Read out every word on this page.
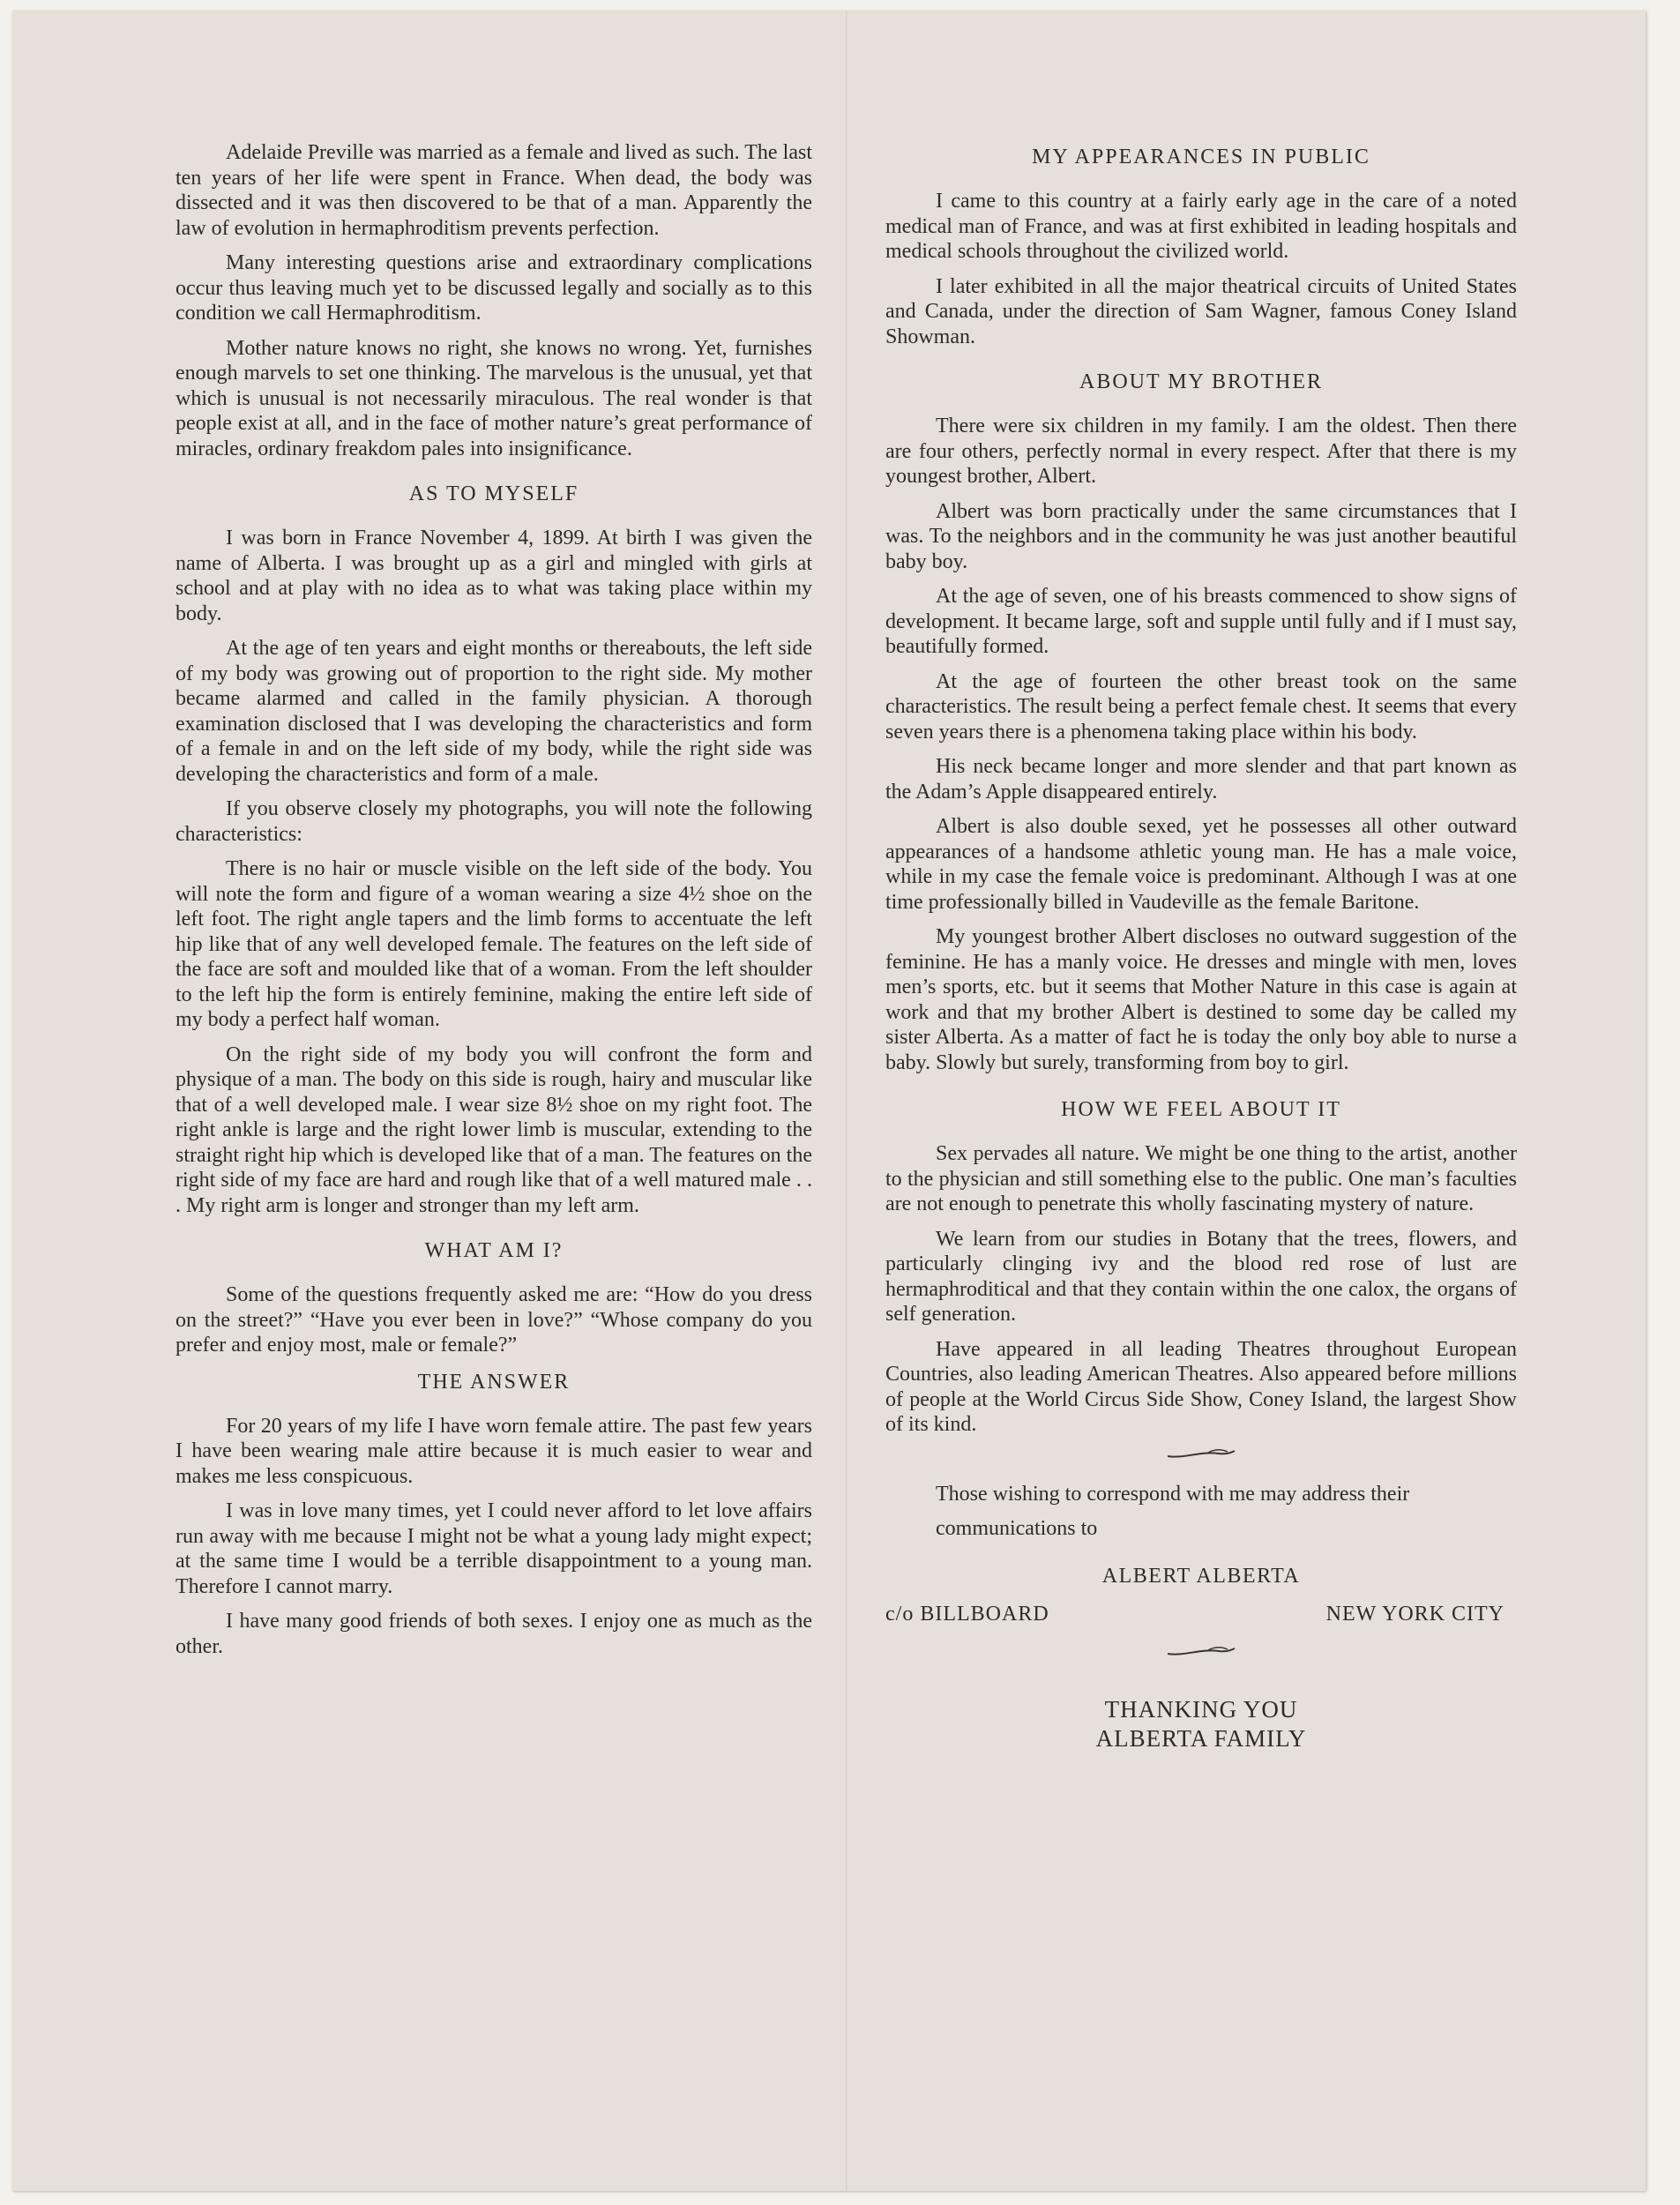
Adelaide Preville was married as a female and lived as such. The last ten years of her life were spent in France. When dead, the body was dissected and it was then discovered to be that of a man. Apparently the law of evolution in hermaphroditism prevents perfection.

Many interesting questions arise and extraordinary complications occur thus leaving much yet to be discussed legally and socially as to this condition we call Hermaphroditism.

Mother nature knows no right, she knows no wrong. Yet, furnishes enough marvels to set one thinking. The marvelous is the unusual, yet that which is unusual is not necessarily miraculous. The real wonder is that people exist at all, and in the face of mother nature’s great performance of miracles, ordinary freakdom pales into insignificance.

AS TO MYSELF

I was born in France November 4, 1899. At birth I was given the name of Alberta. I was brought up as a girl and mingled with girls at school and at play with no idea as to what was taking place within my body.

At the age of ten years and eight months or thereabouts, the left side of my body was growing out of proportion to the right side. My mother became alarmed and called in the family physician. A thorough examination disclosed that I was developing the characteristics and form of a female in and on the left side of my body, while the right side was developing the characteristics and form of a male.

If you observe closely my photographs, you will note the following characteristics:

There is no hair or muscle visible on the left side of the body. You will note the form and figure of a woman wearing a size 4½ shoe on the left foot. The right angle tapers and the limb forms to accentuate the left hip like that of any well developed female. The features on the left side of the face are soft and moulded like that of a woman. From the left shoulder to the left hip the form is entirely feminine, making the entire left side of my body a perfect half woman.

On the right side of my body you will confront the form and physique of a man. The body on this side is rough, hairy and muscular like that of a well developed male. I wear size 8½ shoe on my right foot. The right ankle is large and the right lower limb is muscular, extending to the straight right hip which is developed like that of a man. The features on the right side of my face are hard and rough like that of a well matured male . . . My right arm is longer and stronger than my left arm.

WHAT AM I?

Some of the questions frequently asked me are: “How do you dress on the street?” “Have you ever been in love?” “Whose company do you prefer and enjoy most, male or female?”

THE ANSWER

For 20 years of my life I have worn female attire. The past few years I have been wearing male attire because it is much easier to wear and makes me less conspicuous.

I was in love many times, yet I could never afford to let love affairs run away with me because I might not be what a young lady might expect; at the same time I would be a terrible disappointment to a young man. Therefore I cannot marry.

I have many good friends of both sexes. I enjoy one as much as the other.

MY APPEARANCES IN PUBLIC

I came to this country at a fairly early age in the care of a noted medical man of France, and was at first exhibited in leading hospitals and medical schools throughout the civilized world.

I later exhibited in all the major theatrical circuits of United States and Canada, under the direction of Sam Wagner, famous Coney Island Showman.

ABOUT MY BROTHER

There were six children in my family. I am the oldest. Then there are four others, perfectly normal in every respect. After that there is my youngest brother, Albert.

Albert was born practically under the same circumstances that I was. To the neighbors and in the community he was just another beautiful baby boy.

At the age of seven, one of his breasts commenced to show signs of development. It became large, soft and supple until fully and if I must say, beautifully formed.

At the age of fourteen the other breast took on the same characteristics. The result being a perfect female chest. It seems that every seven years there is a phenomena taking place within his body.

His neck became longer and more slender and that part known as the Adam’s Apple disappeared entirely.

Albert is also double sexed, yet he possesses all other outward appearances of a handsome athletic young man. He has a male voice, while in my case the female voice is predominant. Although I was at one time professionally billed in Vaudeville as the female Baritone.

My youngest brother Albert discloses no outward suggestion of the feminine. He has a manly voice. He dresses and mingle with men, loves men’s sports, etc. but it seems that Mother Nature in this case is again at work and that my brother Albert is destined to some day be called my sister Alberta. As a matter of fact he is today the only boy able to nurse a baby. Slowly but surely, transforming from boy to girl.

HOW WE FEEL ABOUT IT

Sex pervades all nature. We might be one thing to the artist, another to the physician and still something else to the public. One man’s faculties are not enough to penetrate this wholly fascinating mystery of nature.

We learn from our studies in Botany that the trees, flowers, and particularly clinging ivy and the blood red rose of lust are hermaphroditical and that they contain within the one calox, the organs of self generation.

Have appeared in all leading Theatres throughout European Countries, also leading American Theatres. Also appeared before millions of people at the World Circus Side Show, Coney Island, the largest Show of its kind.

Those wishing to correspond with me may address their

communications to

ALBERT ALBERTA
c/o BILLBOARD	NEW YORK CITY
THANKING YOU
ALBERTA FAMILY
